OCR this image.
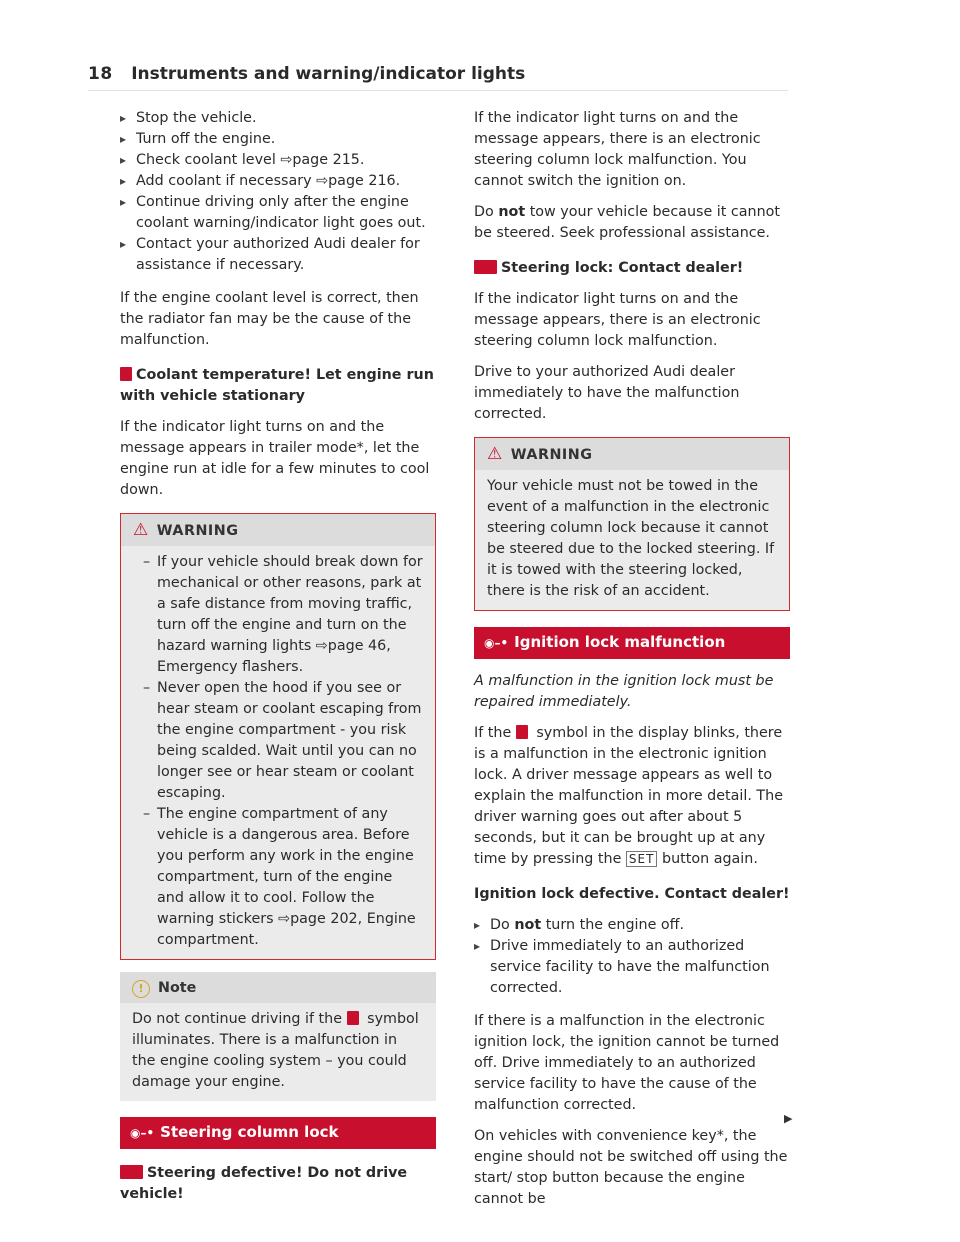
18 Instruments and warning/indicator lights
▸ Stop the vehicle.
▸ Turn off the engine.
▸ Check coolant level ⇨page 215.
▸ Add coolant if necessary ⇨page 216.
▸ Continue driving only after the engine coolant warning/indicator light goes out.
▸ Contact your authorized Audi dealer for assistance if necessary.

If the engine coolant level is correct, then the radiator fan may be the cause of the malfunction.

Coolant temperature! Let engine run with vehicle stationary

If the indicator light turns on and the message appears in trailer mode*, let the engine run at idle for a few minutes to cool down.

⚠ WARNING
– If your vehicle should break down for mechanical or other reasons, park at a safe distance from moving traffic, turn off the engine and turn on the hazard warning lights ⇨page 46, Emergency flashers.
– Never open the hood if you see or hear steam or coolant escaping from the engine compartment - you risk being scalded. Wait until you can no longer see or hear steam or coolant escaping.
– The engine compartment of any vehicle is a dangerous area. Before you perform any work in the engine compartment, turn of the engine and allow it to cool. Follow the warning stickers ⇨page 202, Engine compartment.
! Note
Do not continue driving if the symbol illuminates. There is a malfunction in the engine cooling system – you could damage your engine.
◉–• Steering column lock
Steering defective! Do not drive vehicle!

If the indicator light turns on and the message appears, there is an electronic steering column lock malfunction. You cannot switch the ignition on.

Do not tow your vehicle because it cannot be steered. Seek professional assistance.

Steering lock: Contact dealer!

If the indicator light turns on and the message appears, there is an electronic steering column lock malfunction.

Drive to your authorized Audi dealer immediately to have the malfunction corrected.

⚠ WARNING
Your vehicle must not be towed in the event of a malfunction in the electronic steering column lock because it cannot be steered due to the locked steering. If it is towed with the steering locked, there is the risk of an accident.
◉–• Ignition lock malfunction

A malfunction in the ignition lock must be repaired immediately.

If the symbol in the display blinks, there is a malfunction in the electronic ignition lock. A driver message appears as well to explain the malfunction in more detail. The driver warning goes out after about 5 seconds, but it can be brought up at any time by pressing the SET button again.

Ignition lock defective. Contact dealer!
▸ Do not turn the engine off.
▸ Drive immediately to an authorized service facility to have the malfunction corrected.

If there is a malfunction in the electronic ignition lock, the ignition cannot be turned off. Drive immediately to an authorized service facility to have the cause of the malfunction corrected.

On vehicles with convenience key*, the engine should not be switched off using the start/ stop button because the engine cannot be

▶
